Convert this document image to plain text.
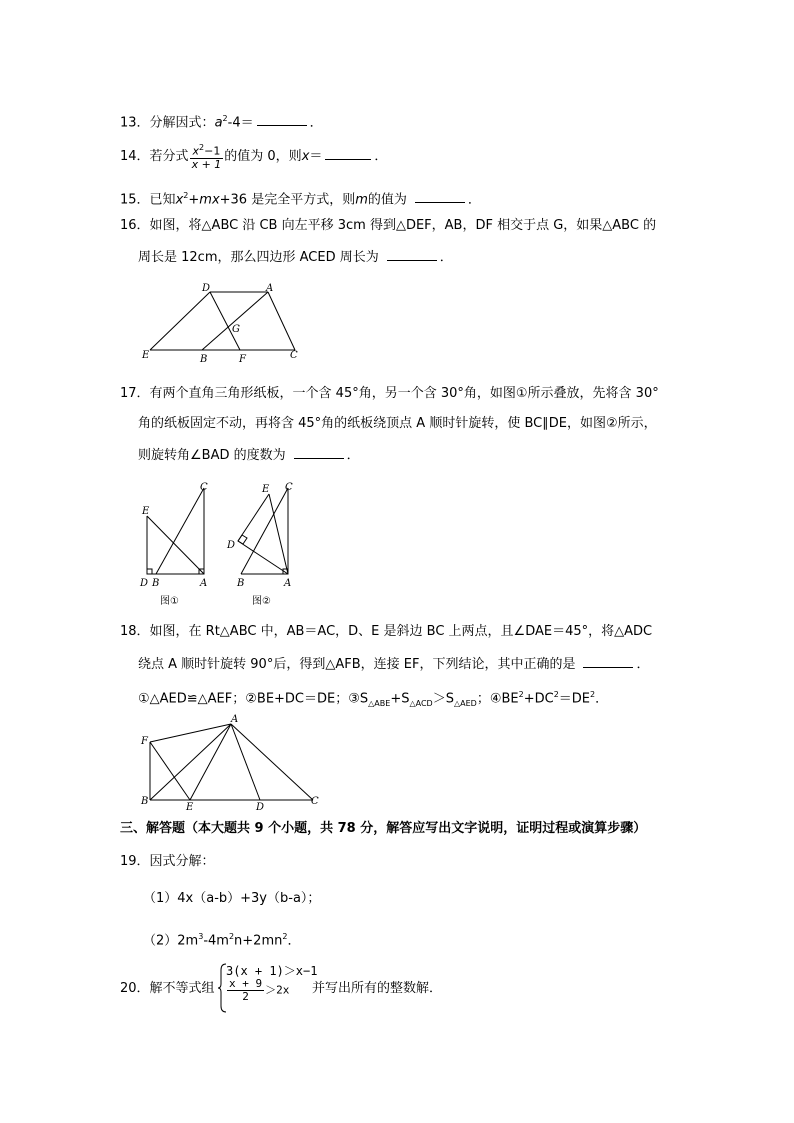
13．分解因式：$a^2-4=$	．
14．若分式 $\frac{x^2-1}{x + 1}$ 的值为 0，则x＝	．
15．已知$x^2+mx+36$ 是完全平方式，则m的值为	．
16．如图，将△ABC 沿 CB 向左平移 3cm 得到△DEF，AB，DF 相交于点 G，如果△ABC 的
周长是 12cm，那么四边形 ACED 周长为	．
D	A
G
E	B	F	C
17．有两个直角三角形纸板，一个含 45°角，另一个含 30°角，如图①所示叠放，先将含 30°
角的纸板固定不动，再将含 45°角的纸板绕顶点 A 顺时针旋转，使 BC∥DE，如图②所示，
则旋转角∠BAD 的度数为	．
C
E
D B	A
图①
E C
D
B	A
图②
18．如图，在 Rt△ABC 中，AB＝AC，D、E 是斜边 BC 上两点，且∠DAE＝45°，将△ADC
绕点 A 顺时针旋转 90°后，得到△AFB，连接 EF，下列结论，其中正确的是	．
①△AED≌△AEF；②BE+DC＝DE；$③S_{\triangle ABE}+S_{\triangle ACD}>S_{\triangle AED}$；$④BE^2+DC^2=DE^2$．
A
F
B
E	D
C
三、解答题（本大题共 9 个小题，共 78 分，解答应写出文字说明，证明过程或演算步骤）
19．因式分解：
（1）4x（a-b）+3y（b-a）；
$(2)2m^3-4m^2n+2mn^2$．
20．解不等式组
3(x + 1)＞x−1
$\frac{x + 9}{2} >2x$ 并写出所有的整数解．
